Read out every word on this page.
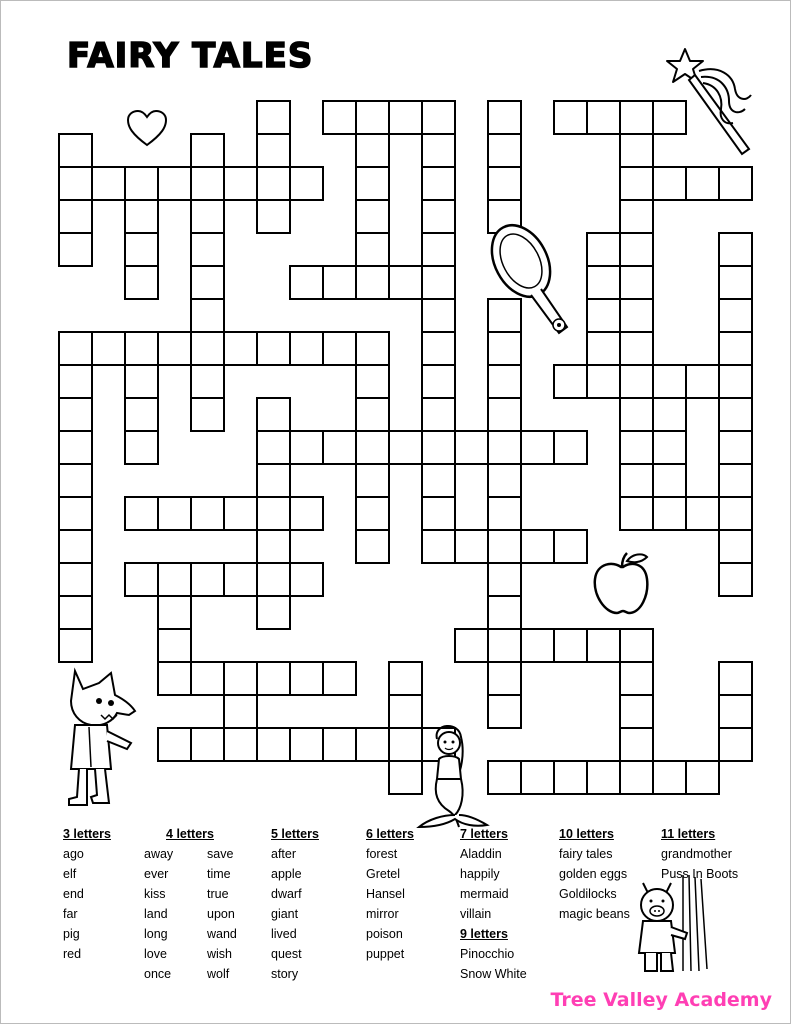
FAIRY TALES
3 letters
ago
elf
end
far
pig
red
4 letters
away
ever
kiss
land
long
love
once
save
time
true
upon
wand
wish
wolf
5 letters
after
apple
dwarf
giant
lived
quest
story
6 letters
forest
Gretel
Hansel
mirror
poison
puppet
7 letters
Aladdin
happily
mermaid
villain
9 letters
Pinocchio
Snow White
10 letters
fairy tales
golden eggs
Goldilocks
magic beans
11 letters
grandmother
Puss In Boots
Tree Valley Academy
